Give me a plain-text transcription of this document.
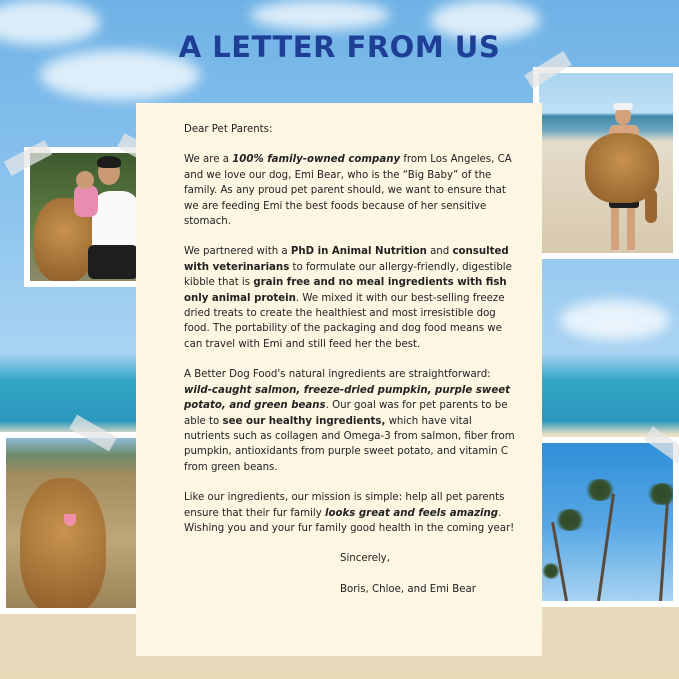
A LETTER FROM US

Dear Pet Parents:

We are a 100% family-owned company from Los Angeles, CA and we love our dog, Emi Bear, who is the “Big Baby” of the family. As any proud pet parent should, we want to ensure that we are feeding Emi the best foods because of her sensitive stomach.

We partnered with a PhD in Animal Nutrition and consulted with veterinarians to formulate our allergy-friendly, digestible kibble that is grain free and no meal ingredients with fish only animal protein. We mixed it with our best-selling freeze dried treats to create the healthiest and most irresistible dog food. The portability of the packaging and dog food means we can travel with Emi and still feed her the best.

A Better Dog Food's natural ingredients are straightforward: wild-caught salmon, freeze-dried pumpkin, purple sweet potato, and green beans. Our goal was for pet parents to be able to see our healthy ingredients, which have vital nutrients such as collagen and Omega-3 from salmon, fiber from pumpkin, antioxidants from purple sweet potato, and vitamin C from green beans.

Like our ingredients, our mission is simple: help all pet parents ensure that their fur family looks great and feels amazing. Wishing you and your fur family good health in the coming year!

Sincerely,

Boris, Chloe, and Emi Bear
